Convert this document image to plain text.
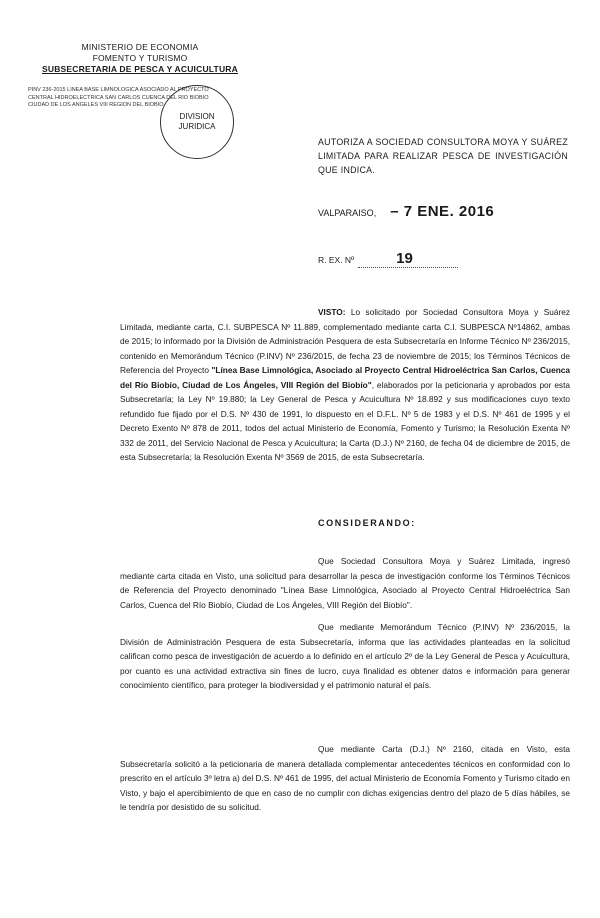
MINISTERIO DE ECONOMIA
FOMENTO Y TURISMO
SUBSECRETARIA DE PESCA Y ACUICULTURA
PINV 236-2015 LINEA BASE LIMNOLOGICA ASOCIADO AL PROYECTO CENTRAL HIDROELECTRICA SAN CARLOS CUENCA DEL RIO BIOBIO CIUDAD DE LOS ANGELES VIII REGION DEL BIOBIO
DIVISION
JURIDICA
AUTORIZA A SOCIEDAD CONSULTORA MOYA Y SUÁREZ LIMITADA PARA REALIZAR PESCA DE INVESTIGACIÓN QUE INDICA.
VALPARAISO, – 7 ENE. 2016
R. EX. Nº	19

VISTO: Lo solicitado por Sociedad Consultora Moya y Suárez Limitada, mediante carta, C.I. SUBPESCA Nº 11.889, complementado mediante carta C.I. SUBPESCA Nº14862, ambas de 2015; lo informado por la División de Administración Pesquera de esta Subsecretaría en Informe Técnico Nº 236/2015, contenido en Memorándum Técnico (P.INV) Nº 236/2015, de fecha 23 de noviembre de 2015; los Términos Técnicos de Referencia del Proyecto "Línea Base Limnológica, Asociado al Proyecto Central Hidroeléctrica San Carlos, Cuenca del Río Biobío, Ciudad de Los Ángeles, VIII Región del Biobío", elaborados por la peticionaria y aprobados por esta Subsecretaría; la Ley Nº 19.880; la Ley General de Pesca y Acuicultura Nº 18.892 y sus modificaciones cuyo texto refundido fue fijado por el D.S. Nº 430 de 1991, lo dispuesto en el D.F.L. Nº 5 de 1983 y el D.S. Nº 461 de 1995 y el Decreto Exento Nº 878 de 2011, todos del actual Ministerio de Economía, Fomento y Turismo; la Resolución Exenta Nº 332 de 2011, del Servicio Nacional de Pesca y Acuicultura; la Carta (D.J.) Nº 2160, de fecha 04 de diciembre de 2015, de esta Subsecretaría; la Resolución Exenta Nº 3569 de 2015, de esta Subsecretaría.

CONSIDERANDO:

Que Sociedad Consultora Moya y Suárez Limitada, ingresó mediante carta citada en Visto, una solicitud para desarrollar la pesca de investigación conforme los Términos Técnicos de Referencia del Proyecto denominado "Línea Base Limnológica, Asociado al Proyecto Central Hidroeléctrica San Carlos, Cuenca del Río Biobío, Ciudad de Los Ángeles, VIII Región del Biobío".

Que mediante Memorándum Técnico (P.INV) Nº 236/2015, la División de Administración Pesquera de esta Subsecretaría, informa que las actividades planteadas en la solicitud califican como pesca de investigación de acuerdo a lo definido en el artículo 2º de la Ley General de Pesca y Acuicultura, por cuanto es una actividad extractiva sin fines de lucro, cuya finalidad es obtener datos e información para generar conocimiento científico, para proteger la biodiversidad y el patrimonio natural el país.

Que mediante Carta (D.J.) Nº 2160, citada en Visto, esta Subsecretaría solicitó a la peticionaria de manera detallada complementar antecedentes técnicos en conformidad con lo prescrito en el artículo 3º letra a) del D.S. Nº 461 de 1995, del actual Ministerio de Economía Fomento y Turismo citado en Visto, y bajo el apercibimiento de que en caso de no cumplir con dichas exigencias dentro del plazo de 5 días hábiles, se le tendría por desistido de su solicitud.
